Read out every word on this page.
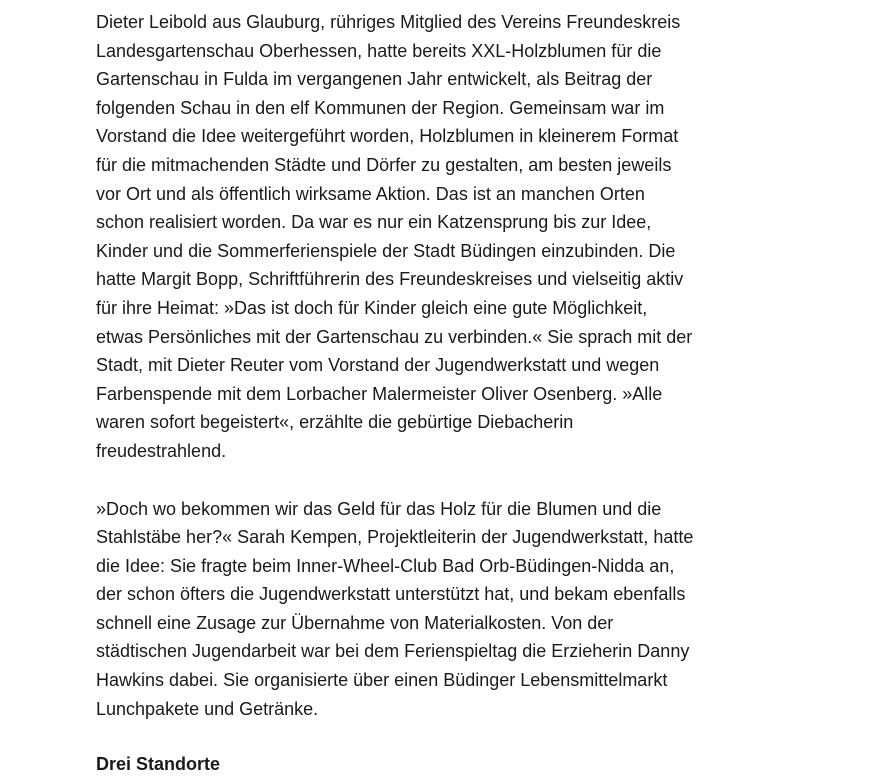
Dieter Leibold aus Glauburg, rühriges Mitglied des Vereins Freundeskreis
Landesgartenschau Oberhessen, hatte bereits XXL-Holzblumen für die
Gartenschau in Fulda im vergangenen Jahr entwickelt, als Beitrag der
folgenden Schau in den elf Kommunen der Region. Gemeinsam war im
Vorstand die Idee weitergeführt worden, Holzblumen in kleinerem Format
für die mitmachenden Städte und Dörfer zu gestalten, am besten jeweils
vor Ort und als öffentlich wirksame Aktion. Das ist an manchen Orten
schon realisiert worden. Da war es nur ein Katzensprung bis zur Idee,
Kinder und die Sommerferienspiele der Stadt Büdingen einzubinden. Die
hatte Margit Bopp, Schriftführerin des Freundeskreises und vielseitig aktiv
für ihre Heimat: »Das ist doch für Kinder gleich eine gute Möglichkeit,
etwas Persönliches mit der Gartenschau zu verbinden.« Sie sprach mit der
Stadt, mit Dieter Reuter vom Vorstand der Jugendwerkstatt und wegen
Farbenspende mit dem Lorbacher Malermeister Oliver Osenberg. »Alle
waren sofort begeistert«, erzählte die gebürtige Diebacherin
freudestrahlend.

»Doch wo bekommen wir das Geld für das Holz für die Blumen und die
Stahlstäbe her?« Sarah Kempen, Projektleiterin der Jugendwerkstatt, hatte
die Idee: Sie fragte beim Inner-Wheel-Club Bad Orb-Büdingen-Nidda an,
der schon öfters die Jugendwerkstatt unterstützt hat, und bekam ebenfalls
schnell eine Zusage zur Übernahme von Materialkosten. Von der
städtischen Jugendarbeit war bei dem Ferienspieltag die Erzieherin Danny
Hawkins dabei. Sie organisierte über einen Büdinger Lebensmittelmarkt
Lunchpakete und Getränke.

Drei Standorte
